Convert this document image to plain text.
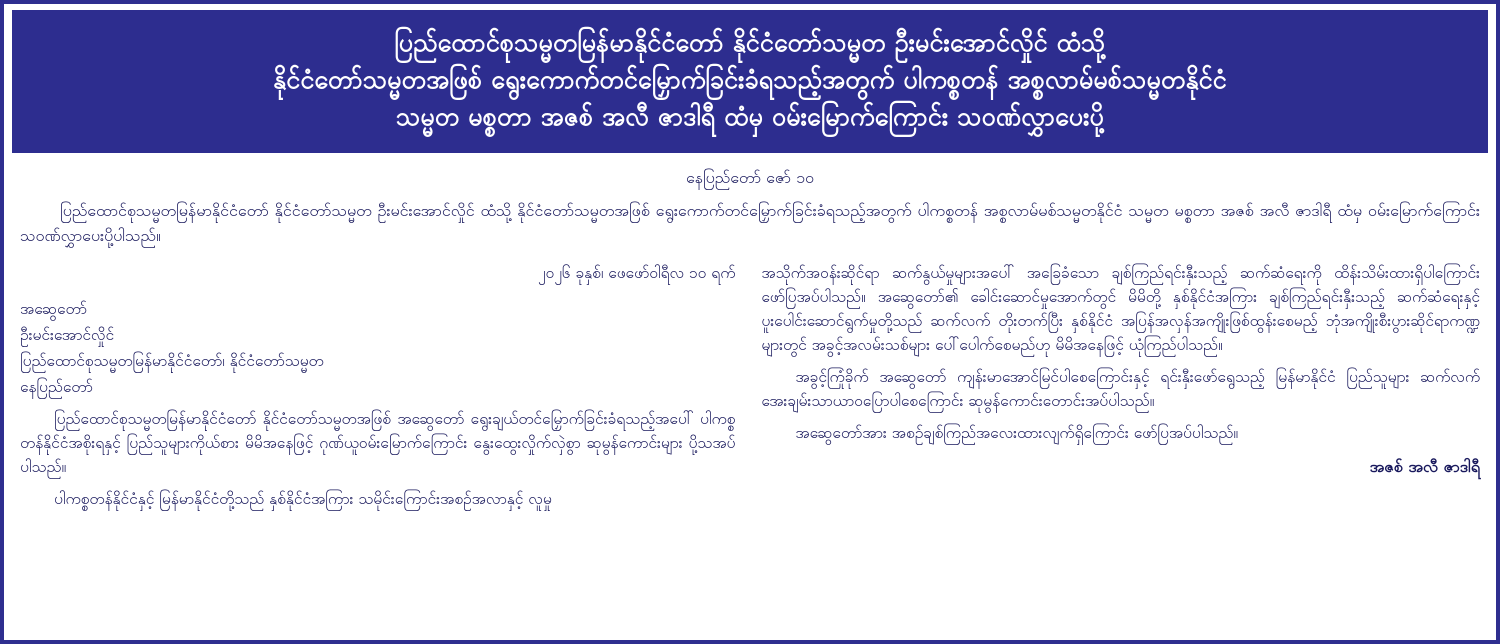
ပြည်ထောင်စုသမ္မတမြန်မာနိုင်ငံတော် နိုင်ငံတော်သမ္မတ ဦးမင်းအောင်လှိုင် ထံသို့
နိုင်ငံတော်သမ္မတအဖြစ် ရွေးကောက်တင်မြှောက်ခြင်းခံရသည့်အတွက် ပါကစ္စတန် အစ္စလာမ်မစ်သမ္မတနိုင်ငံ
သမ္မတ မစ္စတာ အဇစ် အလီ ဇာဒါရီ ထံမှ ဝမ်းမြောက်ကြောင်း သဝဏ်လွှာပေးပို့
နေပြည်တော် ဇော် ၁၀
ပြည်ထောင်စုသမ္မတမြန်မာနိုင်ငံတော် နိုင်ငံတော်သမ္မတ ဦးမင်းအောင်လှိုင် ထံသို့ နိုင်ငံတော်သမ္မတအဖြစ် ရွေးကောက်တင်မြှောက်ခြင်းခံရသည့်အတွက် ပါကစ္စတန် အစ္စလာမ်မစ်သမ္မတနိုင်ငံ သမ္မတ မစ္စတာ အဇစ် အလီ ဇာဒါရီ ထံမှ ဝမ်းမြောက်ကြောင်း သဝဏ်လွှာပေးပို့ပါသည်။
၂၀၂၆ ခုနှစ်၊ ဖေဖော်၀ါရီလ ၁၀ ရက်
အဆွေတော်
ဦးမင်းအောင်လှိုင်
ပြည်ထောင်စုသမ္မတမြန်မာနိုင်ငံတော်၊ နိုင်ငံတော်သမ္မတ
နေပြည်တော်
ပြည်ထောင်စုသမ္မတမြန်မာနိုင်ငံတော် နိုင်ငံတော်သမ္မတအဖြစ် အဆွေတော် ရွေးချယ်တင်မြှောက်ခြင်းခံရသည့်အပေါ် ပါကစ္စတန်နိုင်ငံအစိုးရနှင့် ပြည်သူများကိုယ်စား မိမိအနေဖြင့် ဂုဏ်ယူဝမ်းမြောက်ကြောင်း နွေးထွေးလှိုက်လှဲစွာ ဆုမွန်ကောင်းများ ပို့သအပ်ပါသည်။
ပါကစ္စတန်နိုင်ငံနှင့် မြန်မာနိုင်ငံတို့သည် နှစ်နိုင်ငံအကြား သမိုင်းကြောင်းအစဉ်အလာနှင့် လူမှု
အသိုက်အဝန်းဆိုင်ရာ ဆက်နွယ်မှုများအပေါ် အခြေခံသော ချစ်ကြည်ရင်းနှီးသည့် ဆက်ဆံရေးကို ထိန်းသိမ်းထားရှိပါကြောင်း ဖော်ပြအပ်ပါသည်။ အဆွေတော်၏ ခေါင်းဆောင်မှုအောက်တွင် မိမိတို့ နှစ်နိုင်ငံအကြား ချစ်ကြည်ရင်းနှီးသည့် ဆက်ဆံရေးနှင့် ပူးပေါင်းဆောင်ရွက်မှုတို့သည် ဆက်လက် တိုးတက်ပြီး နှစ်နိုင်ငံ အပြန်အလှန်အကျိုးဖြစ်ထွန်းစေမည့် ဘုံအကျိုးစီးပွားဆိုင်ရာကဏ္ဍများတွင် အခွင့်အလမ်းသစ်များ ပေါ်ပေါက်စေမည်ဟု မိမိအနေဖြင့် ယုံကြည်ပါသည်။
အခွင့်ကြုံခိုက် အဆွေတော် ကျန်းမာအောင်မြင်ပါစေကြောင်းနှင့် ရင်းနှီးဖော်ရွေသည့် မြန်မာနိုင်ငံ ပြည်သူများ ဆက်လက်အေးချမ်းသာယာဝပြောပါစေကြောင်း ဆုမွန်ကောင်းတောင်းအပ်ပါသည်။
အဆွေတော်အား အစဉ်ချစ်ကြည်အလေးထားလျက်ရှိကြောင်း ဖော်ပြအပ်ပါသည်။
အဇစ် အလီ ဇာဒါရီ
